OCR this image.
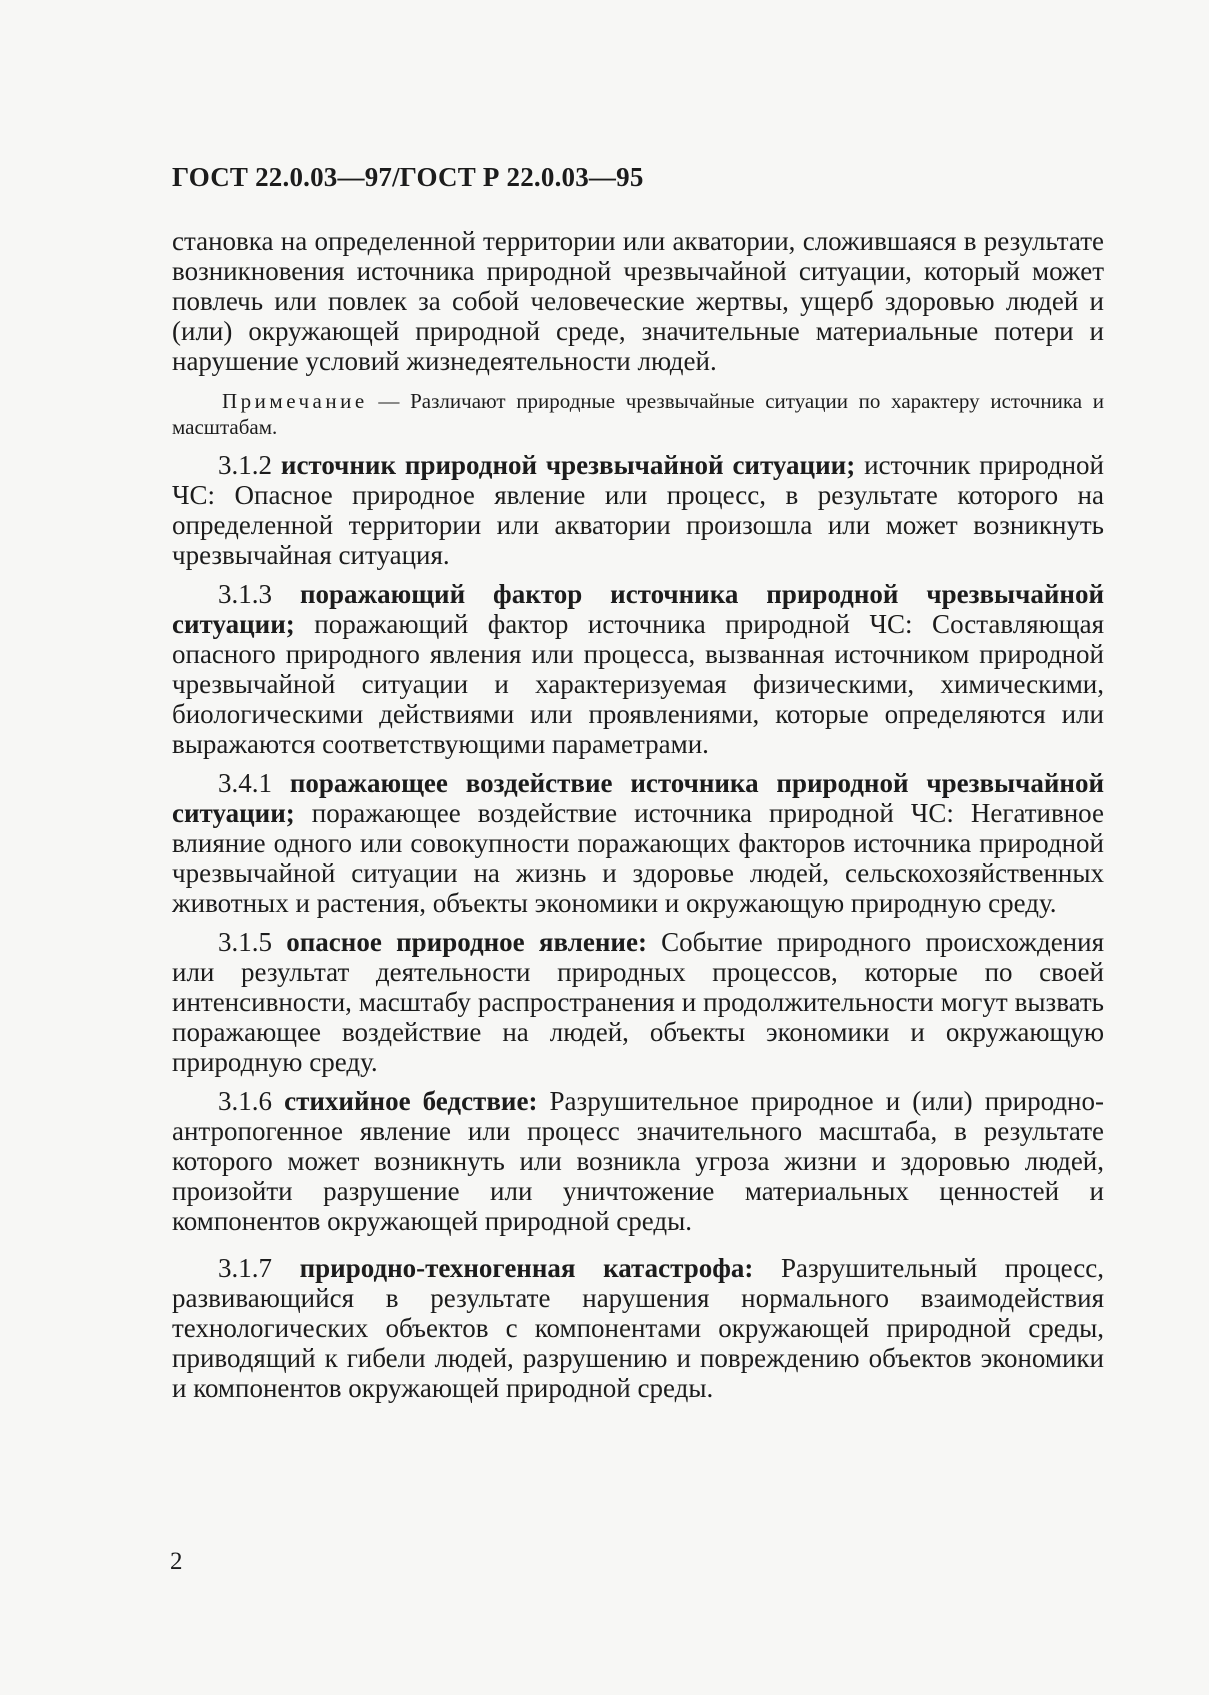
ГОСТ 22.0.03—97/ГОСТ Р 22.0.03—95

становка на определенной территории или акватории, сложившаяся в результате возникновения источника природной чрезвычайной ситуации, который может повлечь или повлек за собой человеческие жертвы, ущерб здоровью людей и (или) окружающей природной среде, значительные материальные потери и нарушение условий жизнедеятельности людей.

Примечание — Различают природные чрезвычайные ситуации по характеру источника и масштабам.

3.1.2 источник природной чрезвычайной ситуации; источник природной ЧС: Опасное природное явление или процесс, в результате которого на определенной территории или акватории произошла или может возникнуть чрезвычайная ситуация.

3.1.3 поражающий фактор источника природной чрезвычайной ситуации; поражающий фактор источника природной ЧС: Составляющая опасного природного явления или процесса, вызванная источником природной чрезвычайной ситуации и характеризуемая физическими, химическими, биологическими действиями или проявлениями, которые определяются или выражаются соответствующими параметрами.

3.4.1 поражающее воздействие источника природной чрезвычайной ситуации; поражающее воздействие источника природной ЧС: Негативное влияние одного или совокупности поражающих факторов источника природной чрезвычайной ситуации на жизнь и здоровье людей, сельскохозяйственных животных и растения, объекты экономики и окружающую природную среду.

3.1.5 опасное природное явление: Событие природного происхождения или результат деятельности природных процессов, которые по своей интенсивности, масштабу распространения и продолжительности могут вызвать поражающее воздействие на людей, объекты экономики и окружающую природную среду.

3.1.6 стихийное бедствие: Разрушительное природное и (или) природно-антропогенное явление или процесс значительного масштаба, в результате которого может возникнуть или возникла угроза жизни и здоровью людей, произойти разрушение или уничтожение материальных ценностей и компонентов окружающей природной среды.

3.1.7 природно-техногенная катастрофа: Разрушительный процесс, развивающийся в результате нарушения нормального взаимодействия технологических объектов с компонентами окружающей природной среды, приводящий к гибели людей, разрушению и повреждению объектов экономики и компонентов окружающей природной среды.

2
